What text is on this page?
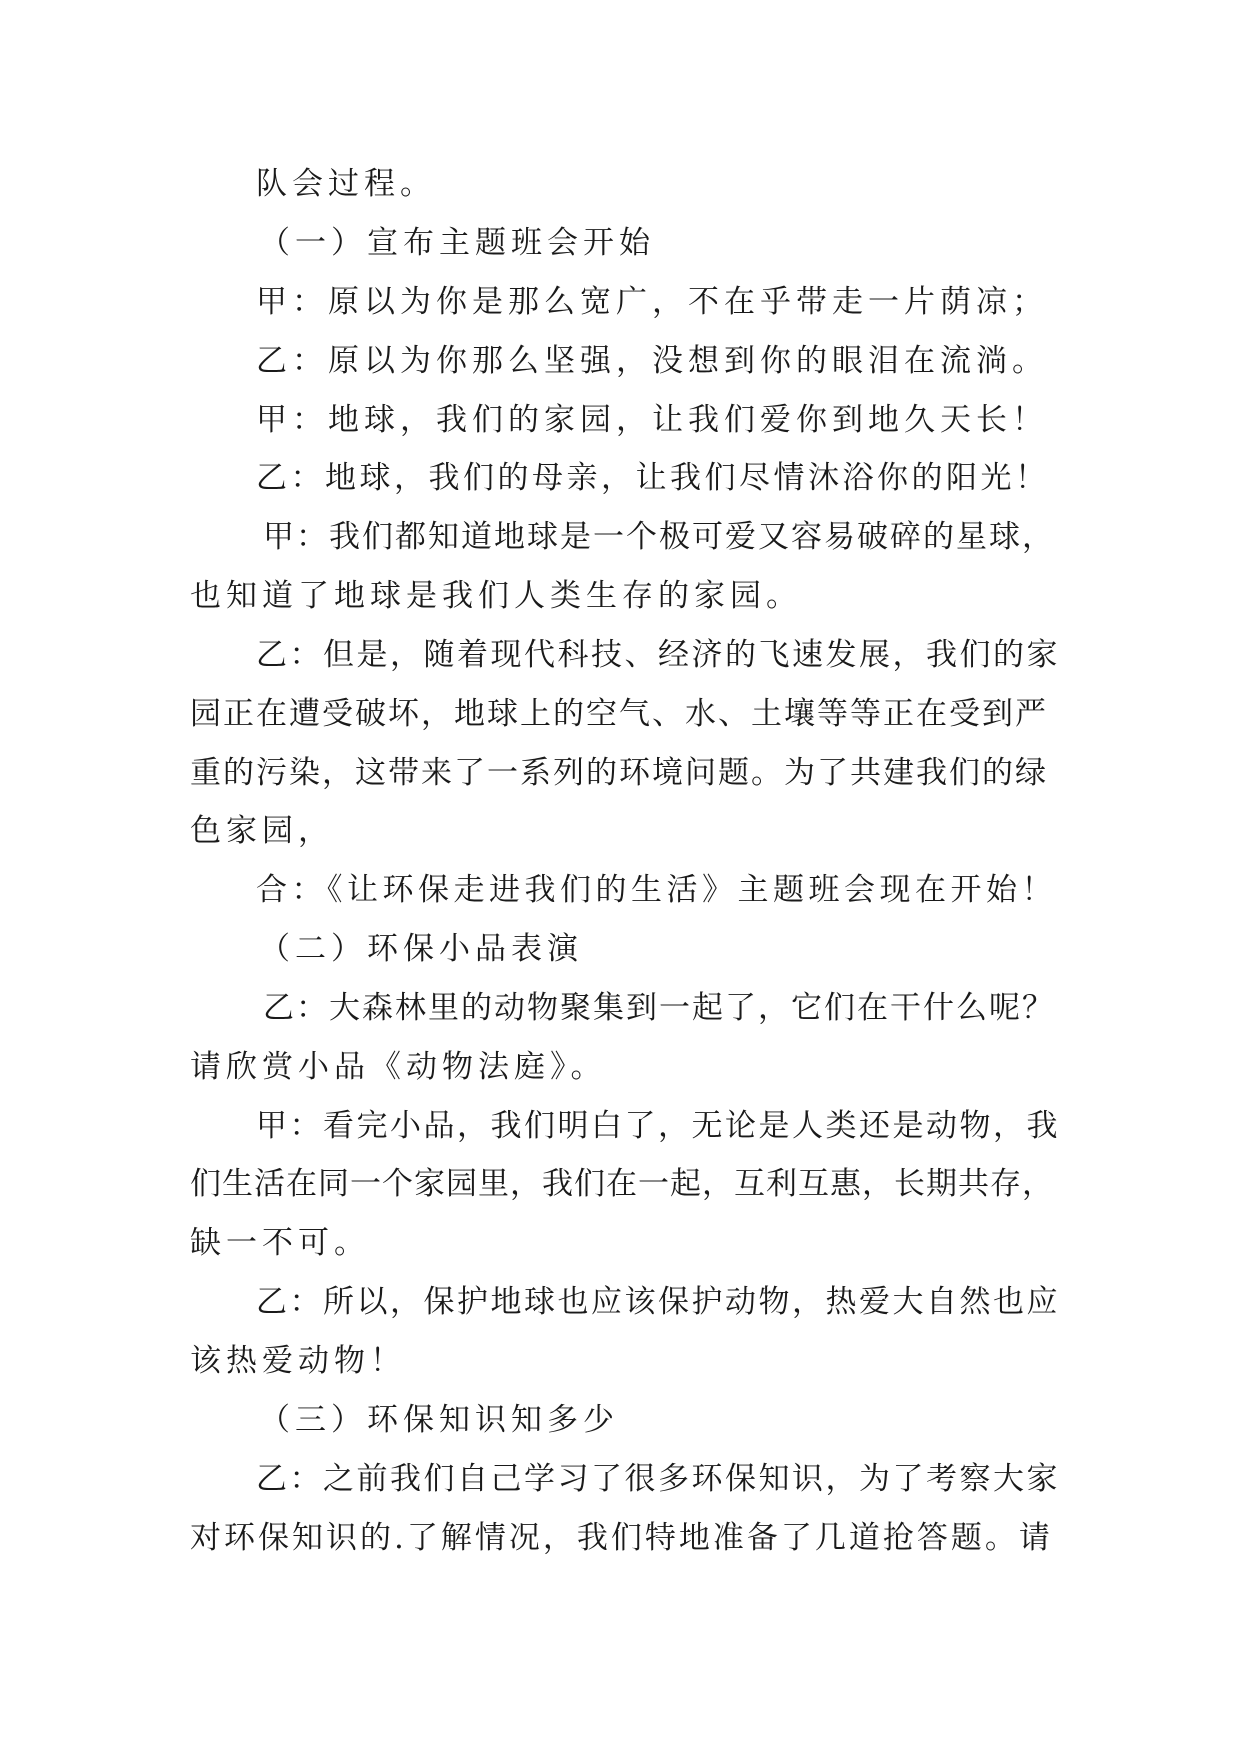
队会过程。
（一）宣布主题班会开始
甲：原以为你是那么宽广，不在乎带走一片荫凉；
乙：原以为你那么坚强，没想到你的眼泪在流淌。
甲：地球，我们的家园，让我们爱你到地久天长！
乙：地球，我们的母亲，让我们尽情沐浴你的阳光！
甲：我们都知道地球是一个极可爱又容易破碎的星球，
也知道了地球是我们人类生存的家园。
乙：但是，随着现代科技、经济的飞速发展，我们的家
园正在遭受破坏，地球上的空气、水、土壤等等正在受到严
重的污染，这带来了一系列的环境问题。为了共建我们的绿
色家园，
合：《让环保走进我们的生活》主题班会现在开始！
（二）环保小品表演
乙：大森林里的动物聚集到一起了，它们在干什么呢？
请欣赏小品《动物法庭》。
甲：看完小品，我们明白了，无论是人类还是动物，我
们生活在同一个家园里，我们在一起，互利互惠，长期共存，
缺一不可。
乙：所以，保护地球也应该保护动物，热爱大自然也应
该热爱动物！
（三）环保知识知多少
乙：之前我们自己学习了很多环保知识，为了考察大家
对环保知识的.了解情况，我们特地准备了几道抢答题。请
